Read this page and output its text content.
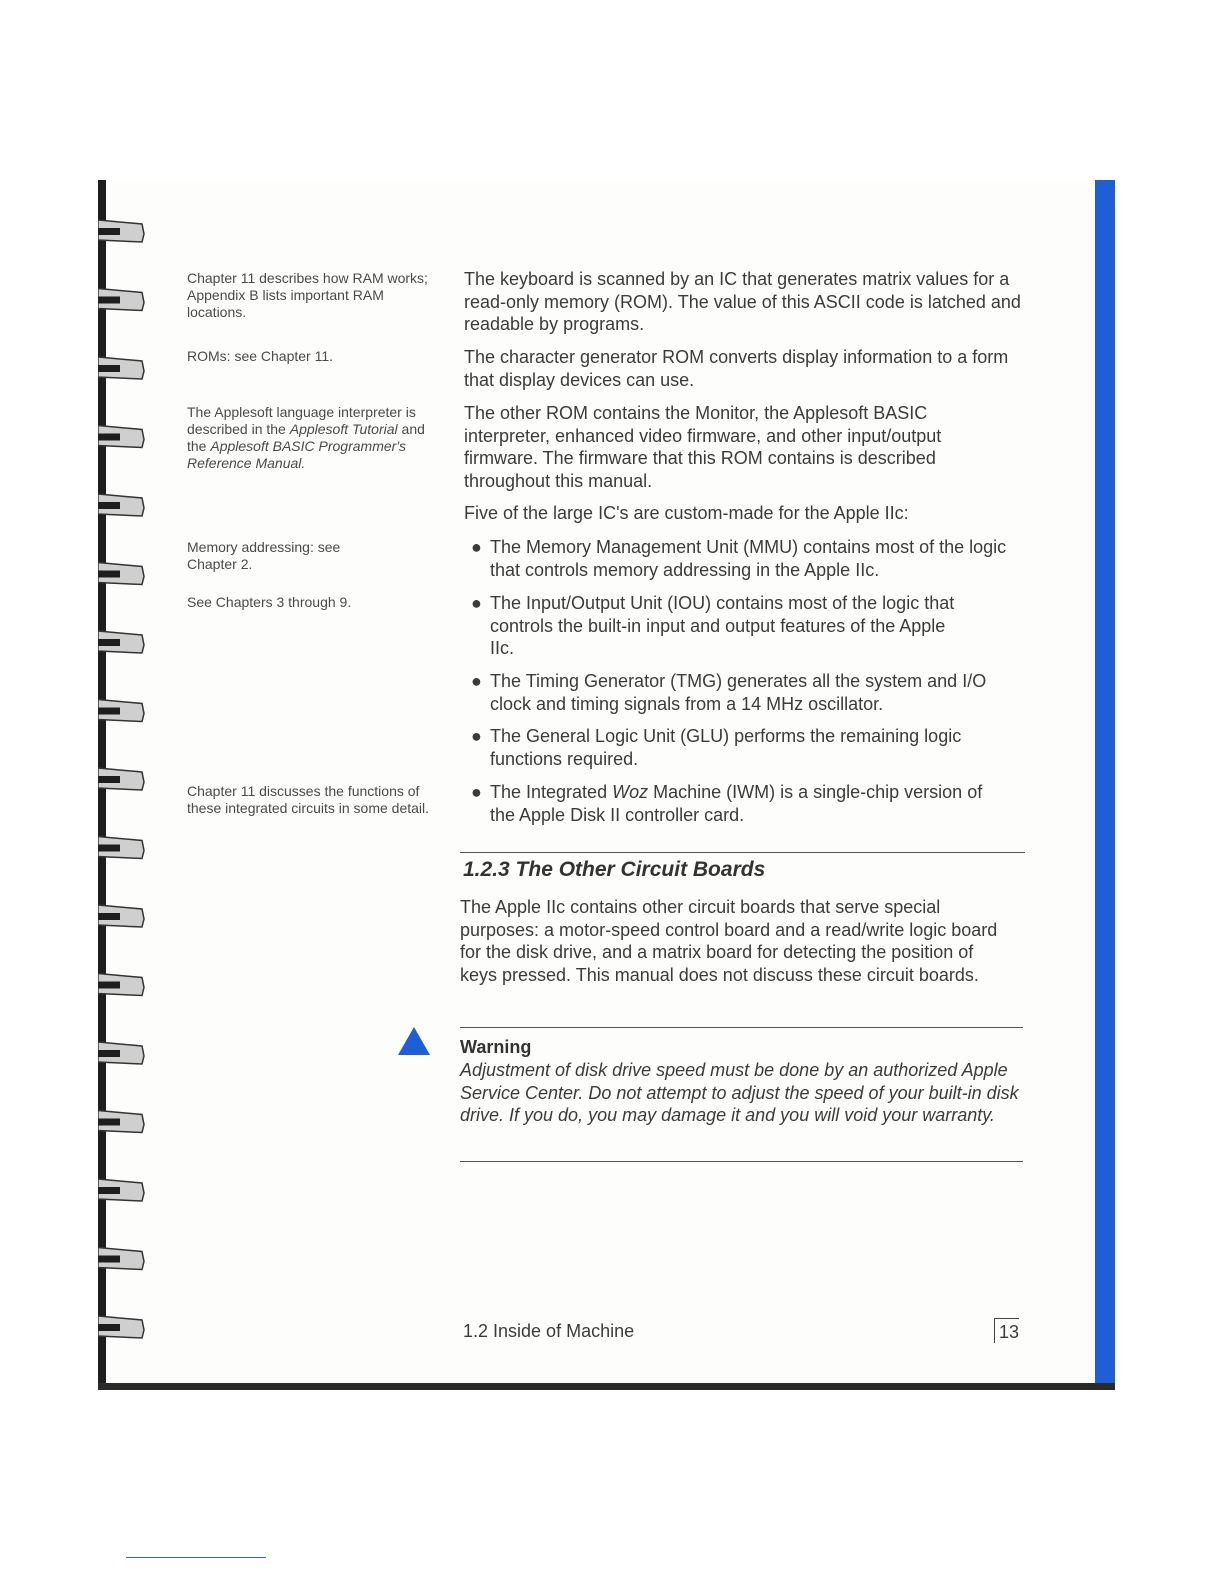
Chapter 11 describes how RAM works; Appendix B lists important RAM locations.
ROMs: see Chapter 11.
The Applesoft language interpreter is described in the Applesoft Tutorial and the Applesoft BASIC Programmer's Reference Manual.
Memory addressing: see Chapter 2.
See Chapters 3 through 9.
Chapter 11 discusses the functions of these integrated circuits in some detail.
The keyboard is scanned by an IC that generates matrix values for a read-only memory (ROM). The value of this ASCII code is latched and readable by programs.
The character generator ROM converts display information to a form that display devices can use.
The other ROM contains the Monitor, the Applesoft BASIC interpreter, enhanced video firmware, and other input/output firmware. The firmware that this ROM contains is described throughout this manual.
Five of the large IC's are custom-made for the Apple IIc:
● The Memory Management Unit (MMU) contains most of the logic that controls memory addressing in the Apple IIc.
● The Input/Output Unit (IOU) contains most of the logic that controls the built-in input and output features of the Apple IIc.
● The Timing Generator (TMG) generates all the system and I/O clock and timing signals from a 14 MHz oscillator.
● The General Logic Unit (GLU) performs the remaining logic functions required.
● The Integrated Woz Machine (IWM) is a single-chip version of the Apple Disk II controller card.
1.2.3 The Other Circuit Boards
The Apple IIc contains other circuit boards that serve special purposes: a motor-speed control board and a read/write logic board for the disk drive, and a matrix board for detecting the position of keys pressed. This manual does not discuss these circuit boards.
Warning
Adjustment of disk drive speed must be done by an authorized Apple Service Center. Do not attempt to adjust the speed of your built-in disk drive. If you do, you may damage it and you will void your warranty.
1.2 Inside of Machine	13
